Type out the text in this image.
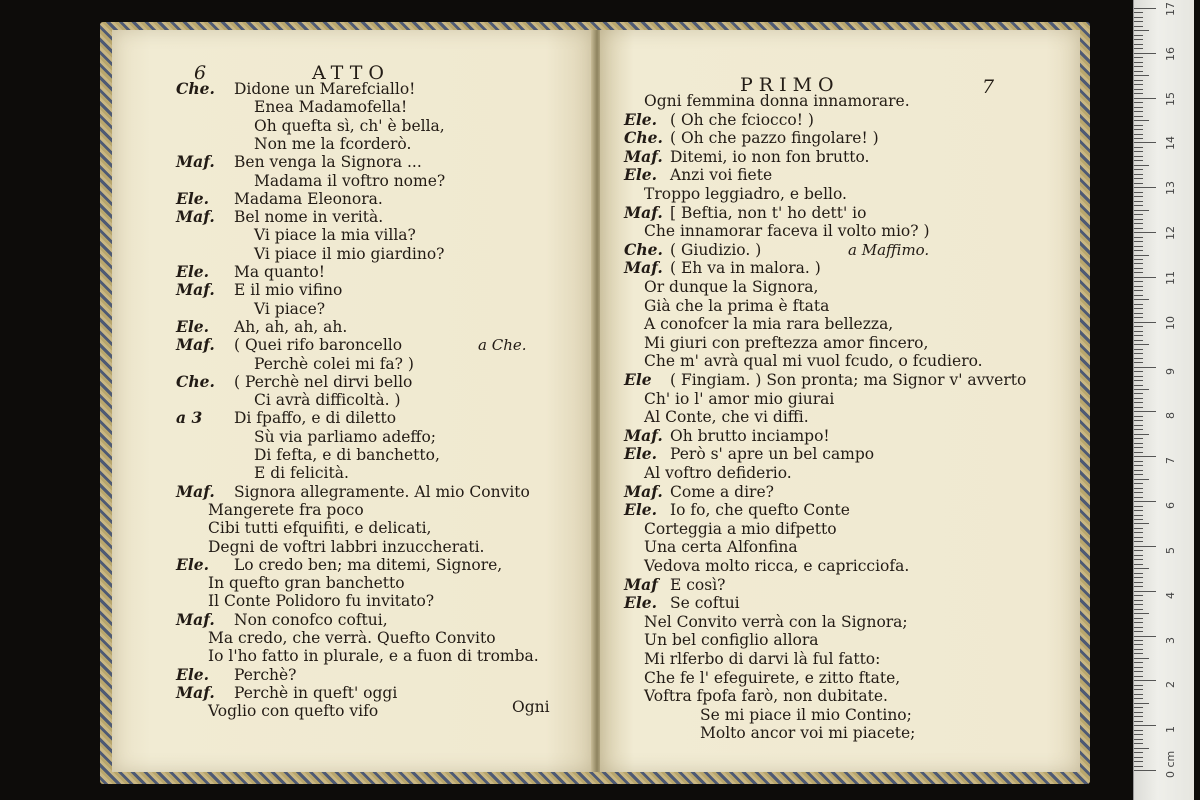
6	ATTO
Che. Didone un Marefciallo!
Enea Madamofella!
Oh quefta sì, ch' è bella,
Non me la fcorderò.
Maf. Ben venga la Signora ...
Madama il voftro nome?
Ele. Madama Eleonora.
Maf. Bel nome in verità.
Vi piace la mia villa?
Vi piace il mio giardino?
Ele. Ma quanto!
Maf. E il mio vifino
Vi piace?
Ele. Ah, ah, ah, ah.
Maf. ( Quei rifo baroncello
Perchè colei mi fa? )
Che. ( Perchè nel dirvi bello
Ci avrà difficoltà. )
a 3 Di fpaffo, e di diletto
Sù via parliamo adeffo;
Di fefta, e di banchetto,
E di felicità.
Maf. Signora allegramente. Al mio Convito
Mangerete fra poco
Cibi tutti efquifiti, e delicati,
Degni de voftri labbri inzuccherati.
Ele. Lo credo ben; ma ditemi, Signore,
In quefto gran banchetto
Il Conte Polidoro fu invitato?
Maf. Non conofco coftui,
Ma credo, che verrà. Quefto Convito
Io l'ho fatto in plurale, e a fuon di tromba.
Ele. Perchè?
Maf. Perchè in queft' oggi
Voglio con quefto vifo
a Che.
Ogni
PRIMO	7
Ogni femmina donna innamorare.
Ele. ( Oh che fciocco! )
Che. ( Oh che pazzo fingolare! )
Maf. Ditemi, io non fon brutto.
Ele. Anzi voi fiete
Troppo leggiadro, e bello.
Maf. [ Beftia, non t' ho dett' io
Che innamorar faceva il volto mio? )
Che. ( Giudizio. )
Maf. ( Eh va in malora. )
Or dunque la Signora,
Già che la prima è ftata
A conofcer la mia rara bellezza,
Mi giuri con preftezza amor fincero,
Che m' avrà qual mi vuol fcudo, o fcudiero.
Ele ( Fingiam. ) Son pronta; ma Signor v' avverto
Ch' io l' amor mio giurai
Al Conte, che vi diffi.
Maf. Oh brutto inciampo!
Ele. Però s' apre un bel campo
Al voftro defiderio.
Maf. Come a dire?
Ele. Io fo, che quefto Conte
Corteggia a mio difpetto
Una certa Alfonfina
Vedova molto ricca, e capricciofa.
Maf E così?
Ele. Se coftui
Nel Convito verrà con la Signora;
Un bel configlio allora
Mi rlferbo di darvi là ful fatto:
Che fe l' efeguirete, e zitto ftate,
Voftra fpofa farò, non dubitate.
Se mi piace il mio Contino;
Molto ancor voi mi piacete;
a Maffimo.
17
16
15
14
13
12
11
10
9
8
7
6
5
4
3
2
1
0 cm
